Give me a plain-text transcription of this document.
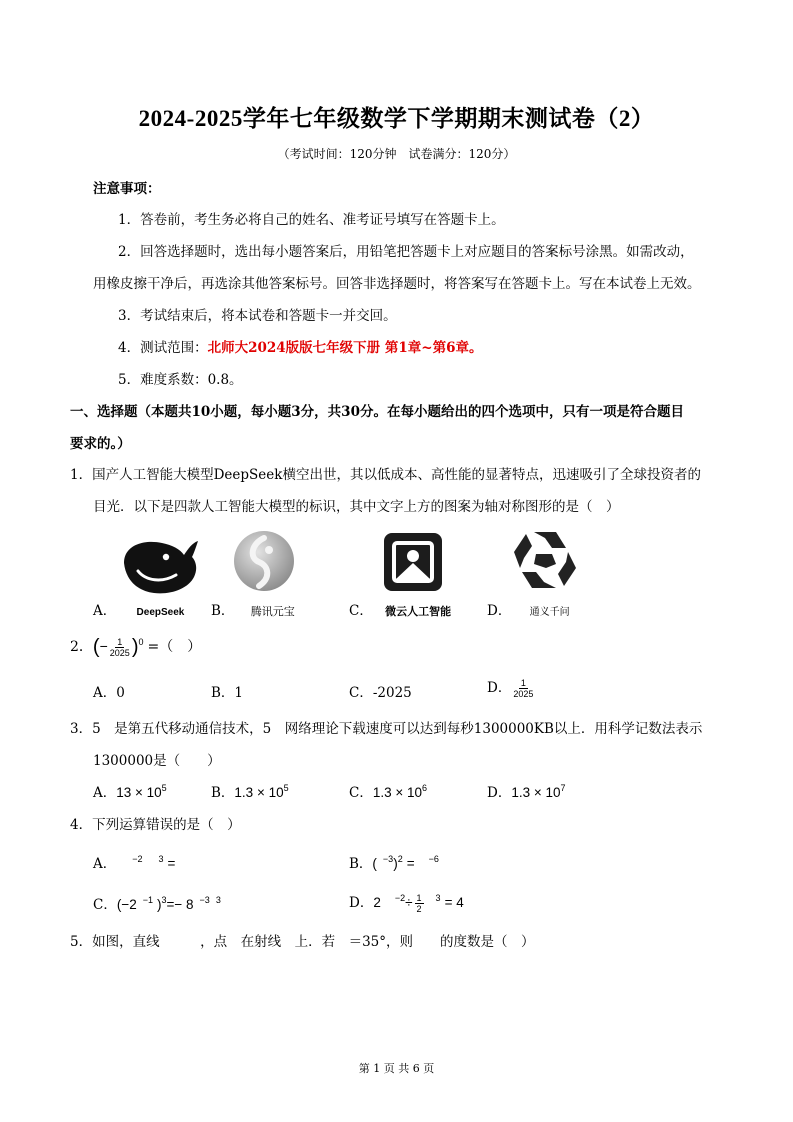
2024-2025学年七年级数学下学期期末测试卷（2）
（考试时间：120分钟　试卷满分：120分）
注意事项：
1．答卷前，考生务必将自己的姓名、准考证号填写在答题卡上。
2．回答选择题时，选出每小题答案后，用铅笔把答题卡上对应题目的答案标号涂黑。如需改动，
用橡皮擦干净后，再选涂其他答案标号。回答非选择题时，将答案写在答题卡上。写在本试卷上无效。
3．考试结束后，将本试卷和答题卡一并交回。
4．测试范围：北师大2024版版七年级下册 第1章~第6章。
5．难度系数：0.8。
一、选择题（本题共10小题，每小题3分，共30分。在每小题给出的四个选项中，只有一项是符合题目
要求的。）
1．国产人工智能大模型DeepSeek横空出世，其以低成本、高性能的显著特点，迅速吸引了全球投资者的
目光．以下是四款人工智能大模型的标识，其中文字上方的图案为轴对称图形的是（　）
A． DeepSeek B． 腾讯元宝	C． 微云人工智能	D． 通义千问
2．(− $\frac{1}{2025} )^0$ =（　）
A．0	B．1	C．-2025	D． $\frac{1}{2025}$
3．5　是第五代移动通信技术，5　网络理论下载速度可以达到每秒1300000KB以上．用科学记数法表示
1300000是（　　）
A．$13 \times 10^5$	B．$1.3 \times 10^5$	C．$1.3 \times 10^6$	D．$1.3 \times 10^7$
4．下列运算错误的是（　）
A． $^{-2}$ $^3$ =	B．( $^{-3}$)$^2$ = $^{-6}$
C．(−2 $^{-1}$ )$^3$=− 8 $^{-3}$ $^3$	D．2 $^{-2}\div \frac{1}{2} ^3 = 4$
5．如图，直线　　　，点　在射线　上．若　＝35°，则　　的度数是（　）
第 1 页 共 6 页
